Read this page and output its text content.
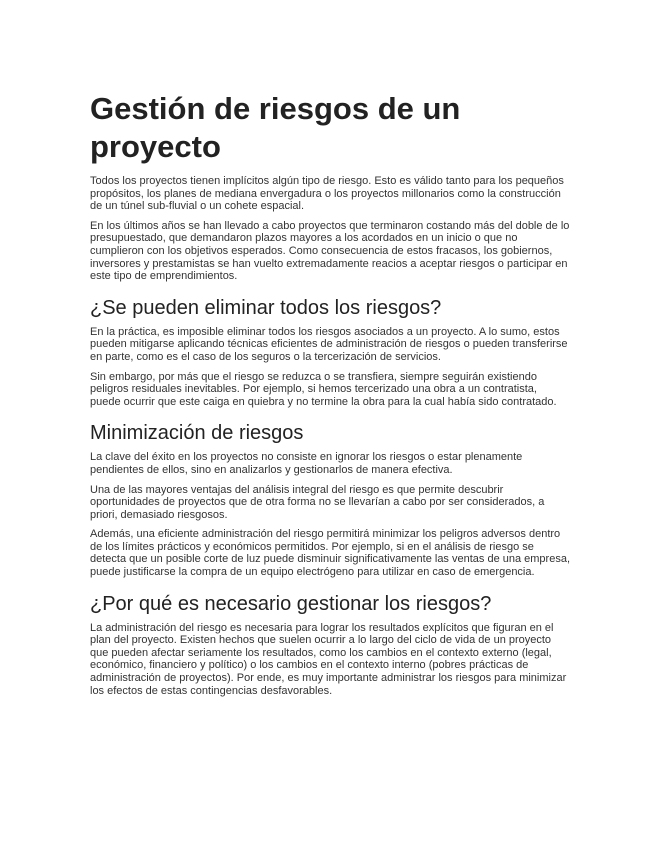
Gestión de riesgos de un proyecto

Todos los proyectos tienen implícitos algún tipo de riesgo. Esto es válido tanto para los pequeños propósitos, los planes de mediana envergadura o los proyectos millonarios como la construcción de un túnel sub-fluvial o un cohete espacial.

En los últimos años se han llevado a cabo proyectos que terminaron costando más del doble de lo presupuestado, que demandaron plazos mayores a los acordados en un inicio o que no cumplieron con los objetivos esperados. Como consecuencia de estos fracasos, los gobiernos, inversores y prestamistas se han vuelto extremadamente reacios a aceptar riesgos o participar en este tipo de emprendimientos.

¿Se pueden eliminar todos los riesgos?

En la práctica, es imposible eliminar todos los riesgos asociados a un proyecto. A lo sumo, estos pueden mitigarse aplicando técnicas eficientes de administración de riesgos o pueden transferirse en parte, como es el caso de los seguros o la tercerización de servicios.

Sin embargo, por más que el riesgo se reduzca o se transfiera, siempre seguirán existiendo peligros residuales inevitables. Por ejemplo, si hemos tercerizado una obra a un contratista, puede ocurrir que este caiga en quiebra y no termine la obra para la cual había sido contratado.

Minimización de riesgos

La clave del éxito en los proyectos no consiste en ignorar los riesgos o estar plenamente pendientes de ellos, sino en analizarlos y gestionarlos de manera efectiva.

Una de las mayores ventajas del análisis integral del riesgo es que permite descubrir oportunidades de proyectos que de otra forma no se llevarían a cabo por ser considerados, a priori, demasiado riesgosos.

Además, una eficiente administración del riesgo permitirá minimizar los peligros adversos dentro de los límites prácticos y económicos permitidos. Por ejemplo, si en el análisis de riesgo se detecta que un posible corte de luz puede disminuir significativamente las ventas de una empresa, puede justificarse la compra de un equipo electrógeno para utilizar en caso de emergencia.

¿Por qué es necesario gestionar los riesgos?

La administración del riesgo es necesaria para lograr los resultados explícitos que figuran en el plan del proyecto. Existen hechos que suelen ocurrir a lo largo del ciclo de vida de un proyecto que pueden afectar seriamente los resultados, como los cambios en el contexto externo (legal, económico, financiero y político) o los cambios en el contexto interno (pobres prácticas de administración de proyectos). Por ende, es muy importante administrar los riesgos para minimizar los efectos de estas contingencias desfavorables.
